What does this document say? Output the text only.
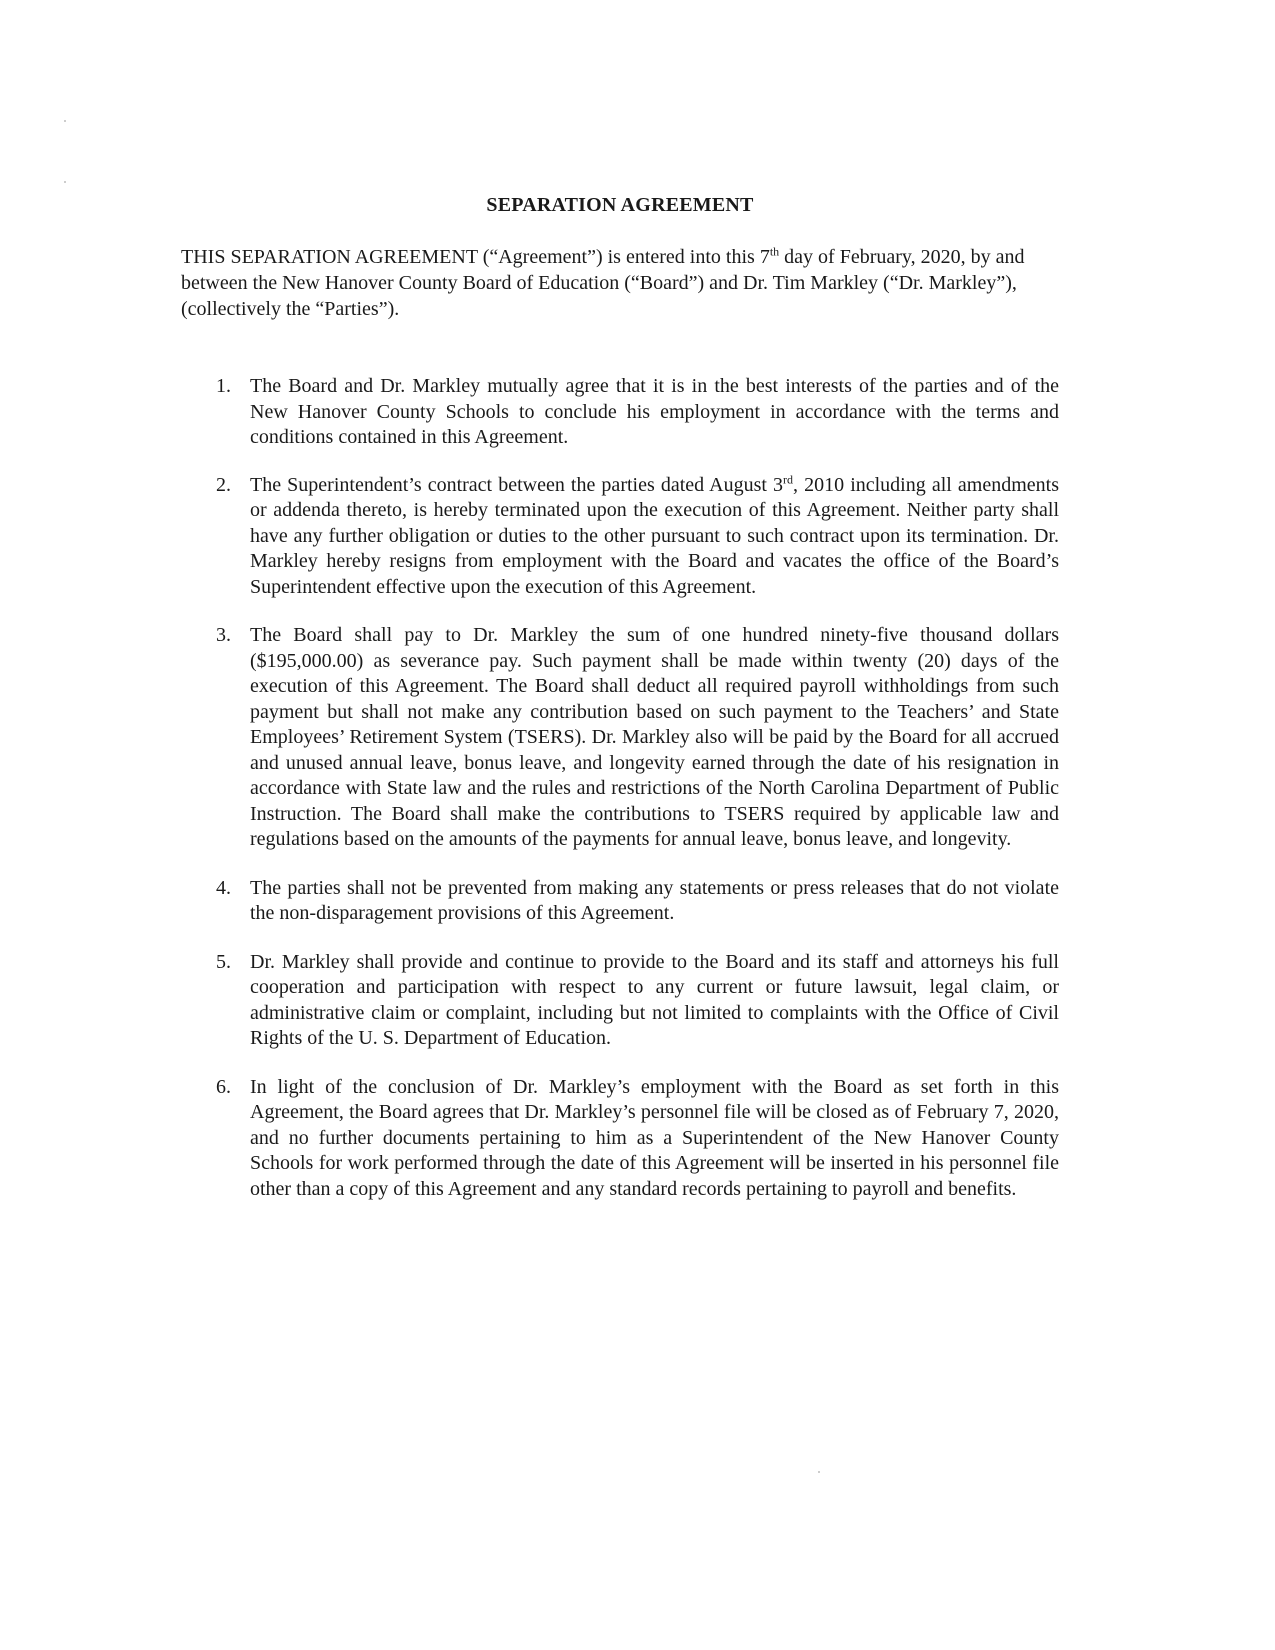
SEPARATION AGREEMENT

THIS SEPARATION AGREEMENT (“Agreement”) is entered into this 7th day of February, 2020, by and between the New Hanover County Board of Education (“Board”) and Dr. Tim Markley (“Dr. Markley”), (collectively the “Parties”).

1. The Board and Dr. Markley mutually agree that it is in the best interests of the parties and of the New Hanover County Schools to conclude his employment in accordance with the terms and conditions contained in this Agreement.
2. The Superintendent’s contract between the parties dated August 3rd, 2010 including all amendments or addenda thereto, is hereby terminated upon the execution of this Agreement. Neither party shall have any further obligation or duties to the other pursuant to such contract upon its termination. Dr. Markley hereby resigns from employment with the Board and vacates the office of the Board’s Superintendent effective upon the execution of this Agreement.
3. The Board shall pay to Dr. Markley the sum of one hundred ninety-five thousand dollars ($195,000.00) as severance pay. Such payment shall be made within twenty (20) days of the execution of this Agreement. The Board shall deduct all required payroll withholdings from such payment but shall not make any contribution based on such payment to the Teachers’ and State Employees’ Retirement System (TSERS). Dr. Markley also will be paid by the Board for all accrued and unused annual leave, bonus leave, and longevity earned through the date of his resignation in accordance with State law and the rules and restrictions of the North Carolina Department of Public Instruction. The Board shall make the contributions to TSERS required by applicable law and regulations based on the amounts of the payments for annual leave, bonus leave, and longevity.
4. The parties shall not be prevented from making any statements or press releases that do not violate the non-disparagement provisions of this Agreement.
5. Dr. Markley shall provide and continue to provide to the Board and its staff and attorneys his full cooperation and participation with respect to any current or future lawsuit, legal claim, or administrative claim or complaint, including but not limited to complaints with the Office of Civil Rights of the U. S. Department of Education.
6. In light of the conclusion of Dr. Markley’s employment with the Board as set forth in this Agreement, the Board agrees that Dr. Markley’s personnel file will be closed as of February 7, 2020, and no further documents pertaining to him as a Superintendent of the New Hanover County Schools for work performed through the date of this Agreement will be inserted in his personnel file other than a copy of this Agreement and any standard records pertaining to payroll and benefits.
